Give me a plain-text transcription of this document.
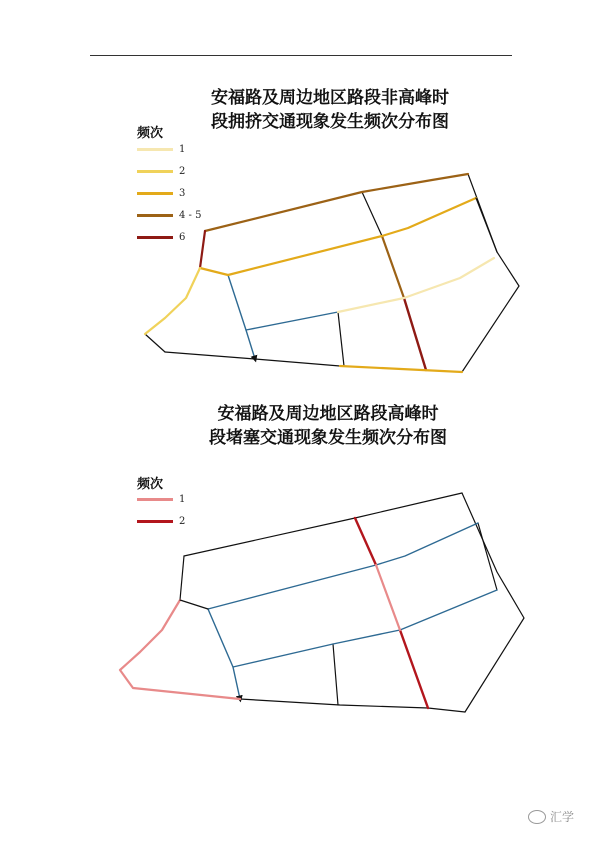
安福路及周边地区路段非高峰时
段拥挤交通现象发生频次分布图
频次
1
2
3
4 - 5
6
安福路及周边地区路段高峰时
段堵塞交通现象发生频次分布图
频次
1
2
汇学
